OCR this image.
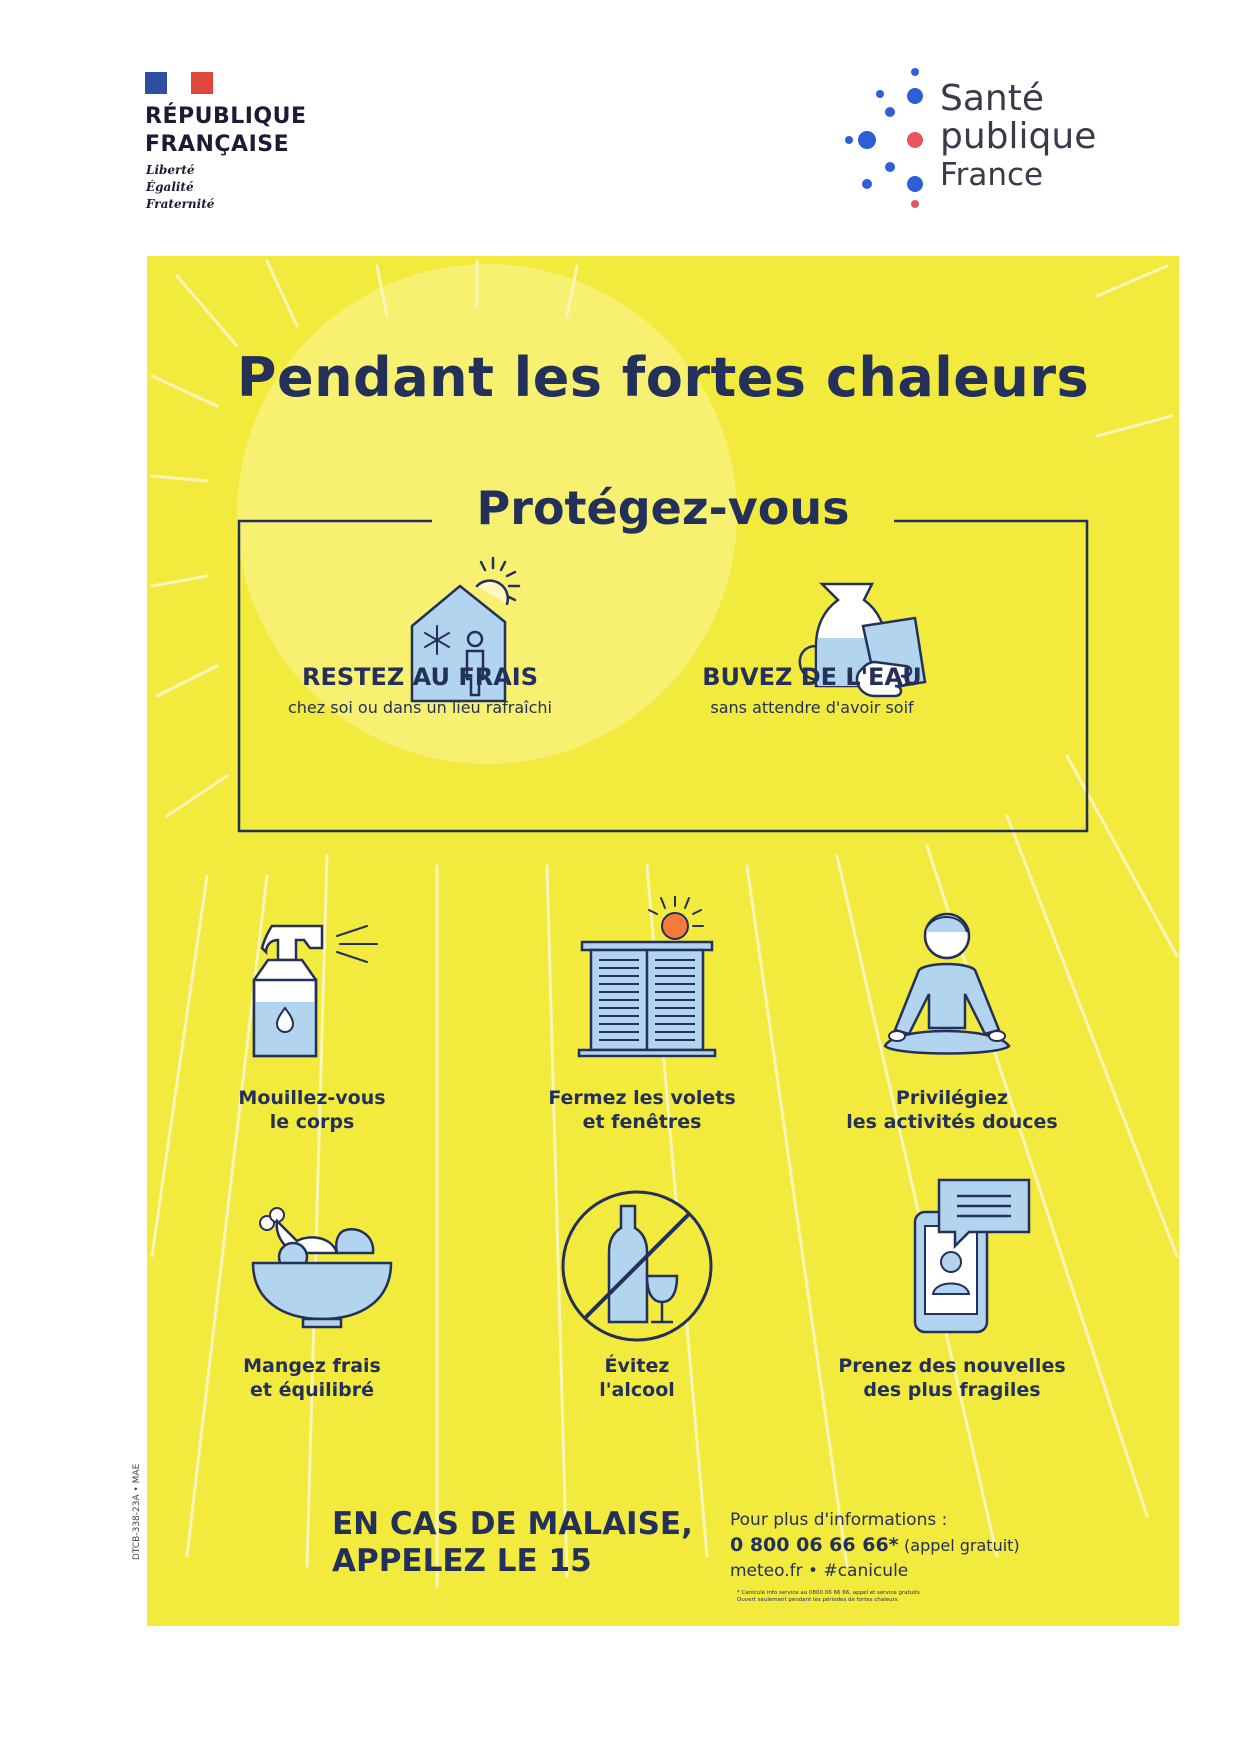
RÉPUBLIQUE
FRANÇAISE
Liberté
Égalité
Fraternité
Santé
publique
France
Pendant les fortes chaleurs
Protégez-vous
RESTEZ AU FRAIS
chez soi ou dans un lieu rafraîchi
BUVEZ DE L'EAU
sans attendre d'avoir soif
Mouillez-vous
le corps
Fermez les volets
et fenêtres
Privilégiez
les activités douces
Mangez frais
et équilibré
Évitez
l'alcool
Prenez des nouvelles
des plus fragiles
EN CAS DE MALAISE,
APPELEZ LE 15
Pour plus d'informations :
0 800 06 66 66* (appel gratuit)
meteo.fr • #canicule
* Canicule info service au 0800 06 66 66, appel et service gratuits
Ouvert seulement pendant les périodes de fortes chaleurs
DTCB-338-23A • MAE
